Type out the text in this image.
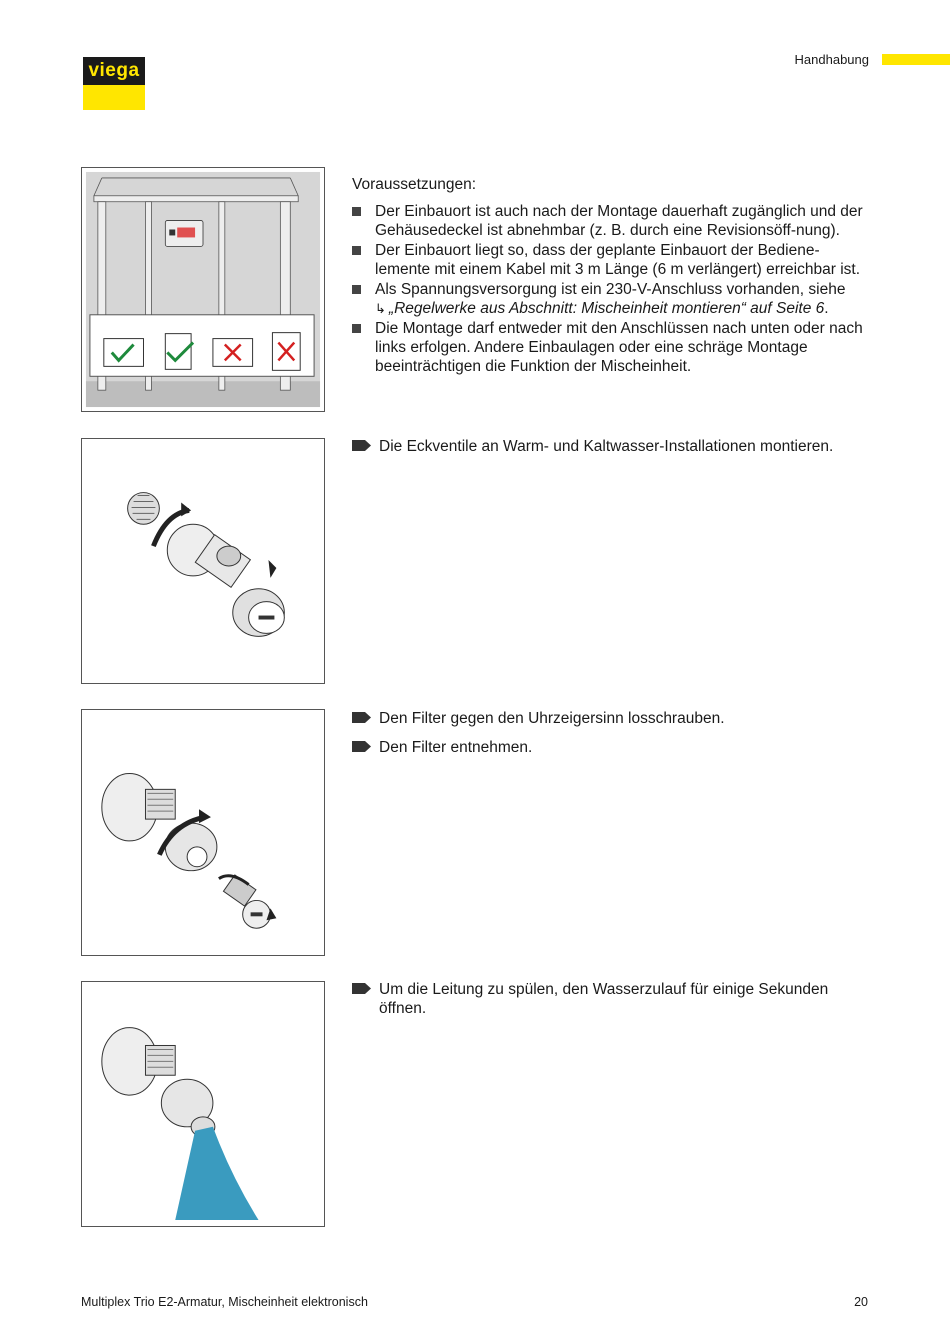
viega
Handhabung

Voraussetzungen:

Der Einbauort ist auch nach der Montage dauerhaft zugänglich und der Gehäusedeckel ist abnehmbar (z. B. durch eine Revisionsöff-nung).
Der Einbauort liegt so, dass der geplante Einbauort der Bediene-lemente mit einem Kabel mit 3 m Länge (6 m verlängert) erreichbar ist.
Als Spannungsversorgung ist ein 230-V-Anschluss vorhanden, siehe
↳ „Regelwerke aus Abschnitt: Mischeinheit montieren“ auf Seite 6.
Die Montage darf entweder mit den Anschlüssen nach unten oder nach links erfolgen. Andere Einbaulagen oder eine schräge Montage beeinträchtigen die Funktion der Mischeinheit.
Die Eckventile an Warm- und Kaltwasser-Installationen montieren.
Den Filter gegen den Uhrzeigersinn losschrauben.
Den Filter entnehmen.
Um die Leitung zu spülen, den Wasserzulauf für einige Sekunden öffnen.
Multiplex Trio E2-Armatur, Mischeinheit elektronisch	20
